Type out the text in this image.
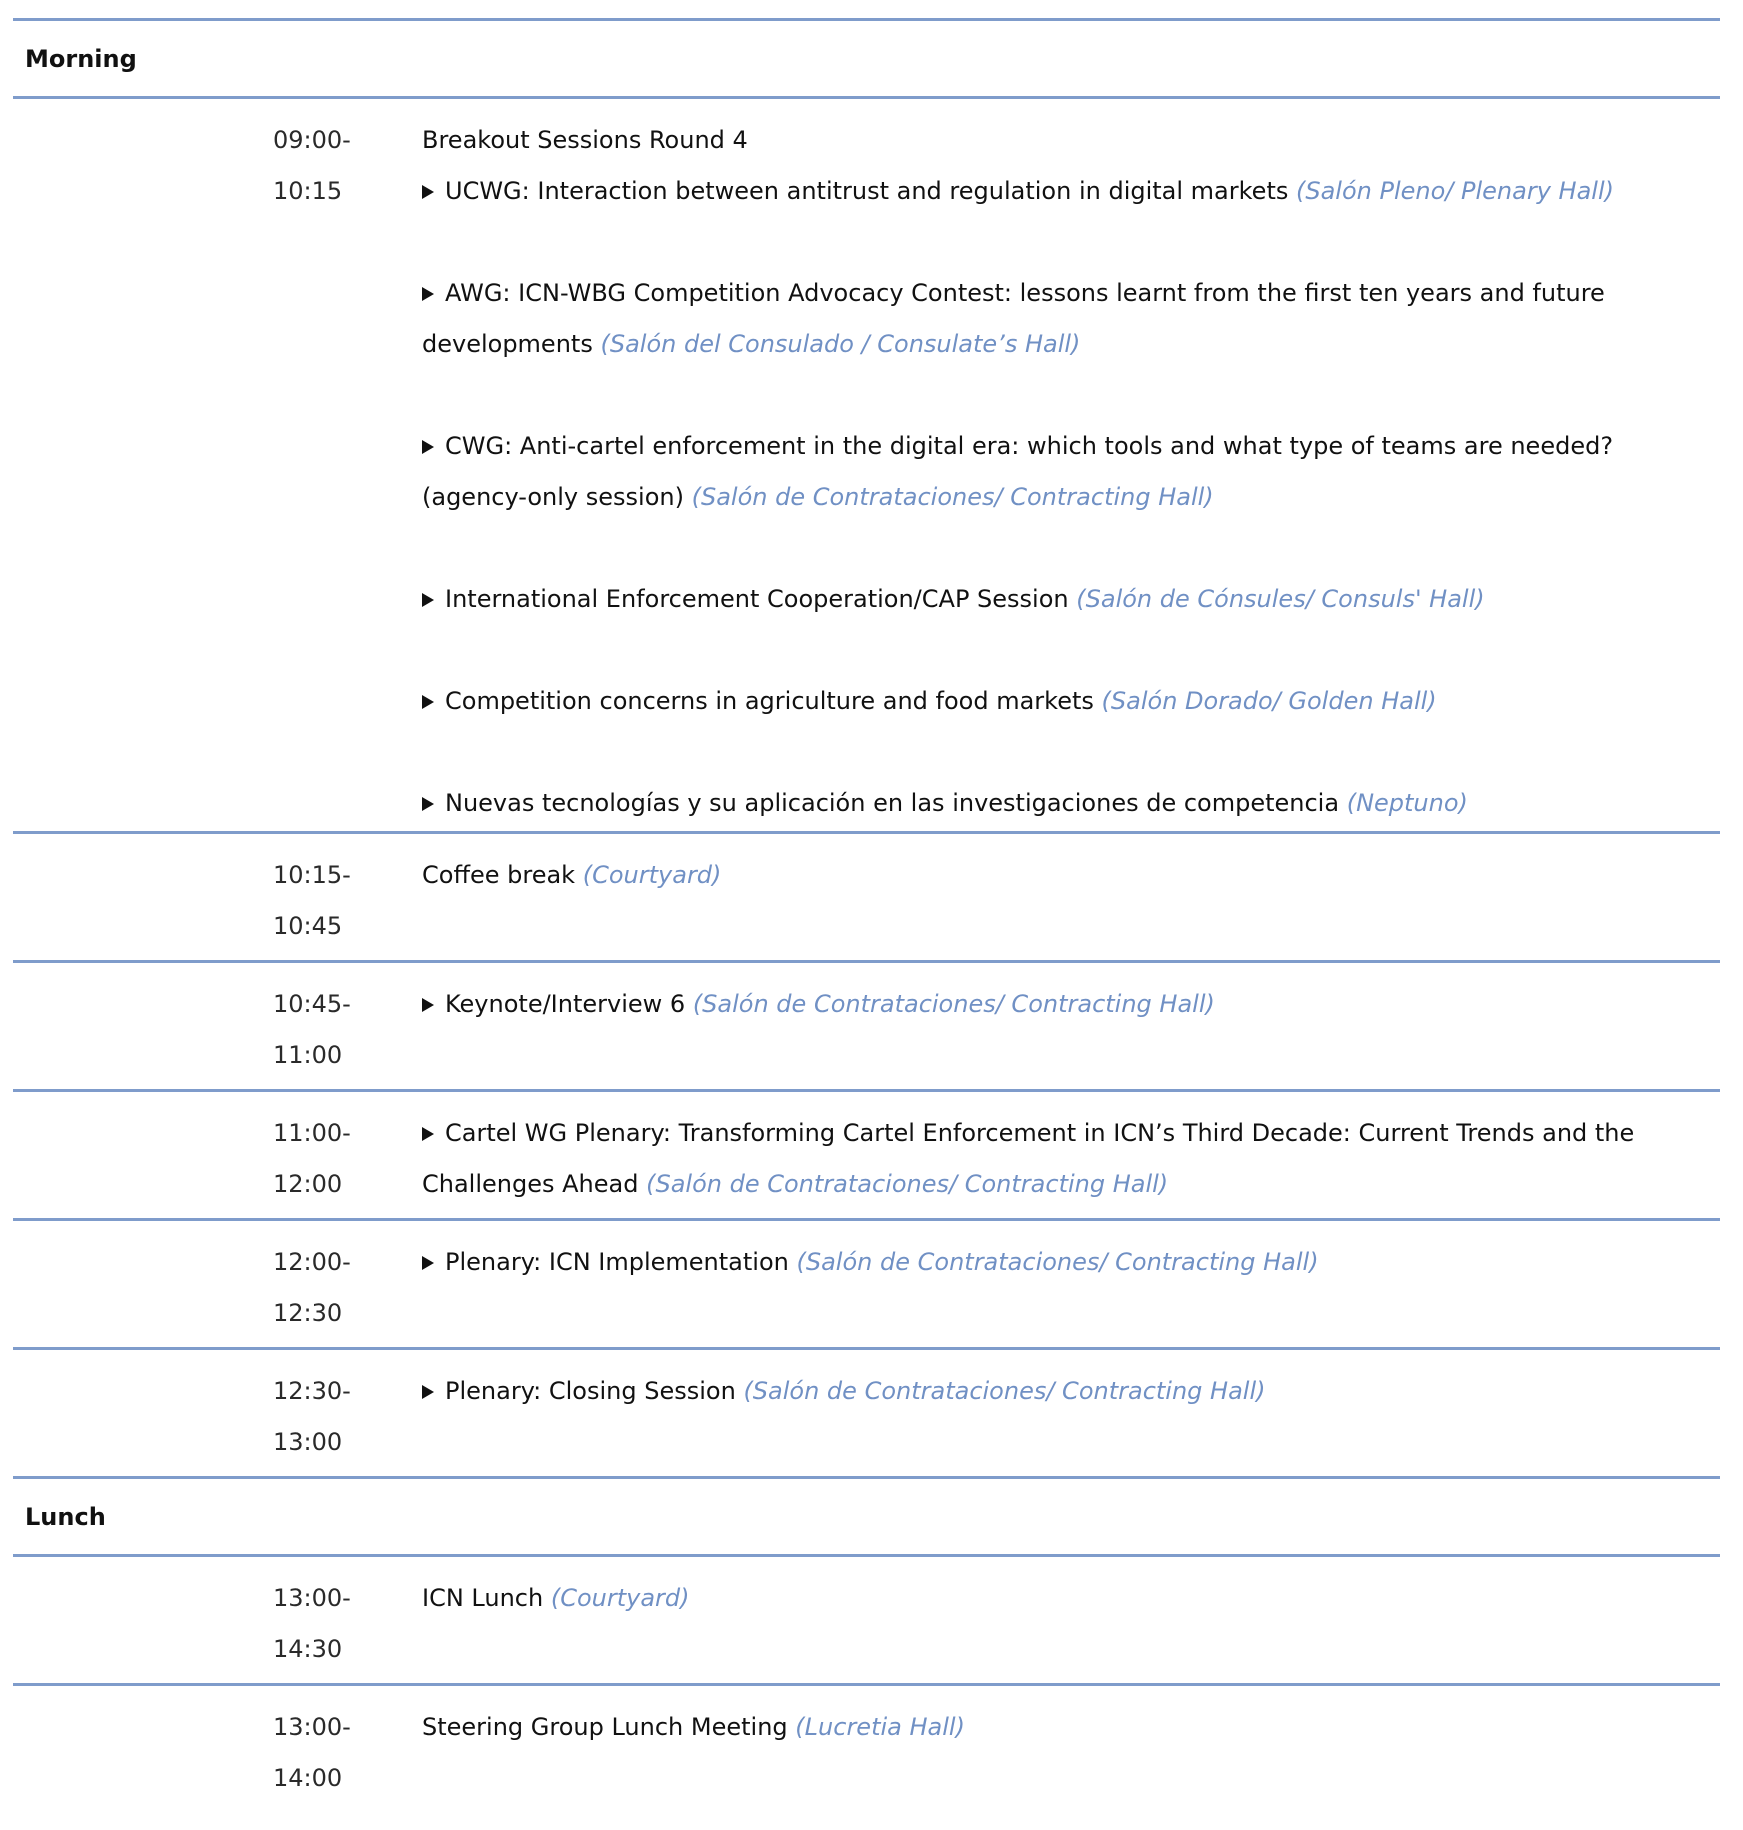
Morning
09:00-
10:15

Breakout Sessions Round 4

UCWG: Interaction between antitrust and regulation in digital markets (Salón Pleno/ Plenary Hall)

AWG: ICN-WBG Competition Advocacy Contest: lessons learnt from the first ten years and future developments (Salón del Consulado / Consulate’s Hall)

CWG: Anti-cartel enforcement in the digital era: which tools and what type of teams are needed? (agency-only session) (Salón de Contrataciones/ Contracting Hall)

International Enforcement Cooperation/CAP Session (Salón de Cónsules/ Consuls' Hall)

Competition concerns in agriculture and food markets (Salón Dorado/ Golden Hall)

Nuevas tecnologías y su aplicación en las investigaciones de competencia (Neptuno)

10:15-
10:45

Coffee break (Courtyard)

10:45-
11:00

Keynote/Interview 6 (Salón de Contrataciones/ Contracting Hall)

11:00-
12:00

Cartel WG Plenary: Transforming Cartel Enforcement in ICN’s Third Decade: Current Trends and the Challenges Ahead (Salón de Contrataciones/ Contracting Hall)

12:00-
12:30

Plenary: ICN Implementation (Salón de Contrataciones/ Contracting Hall)

12:30-
13:00

Plenary: Closing Session (Salón de Contrataciones/ Contracting Hall)

Lunch
13:00-
14:30

ICN Lunch (Courtyard)

13:00-
14:00

Steering Group Lunch Meeting (Lucretia Hall)
